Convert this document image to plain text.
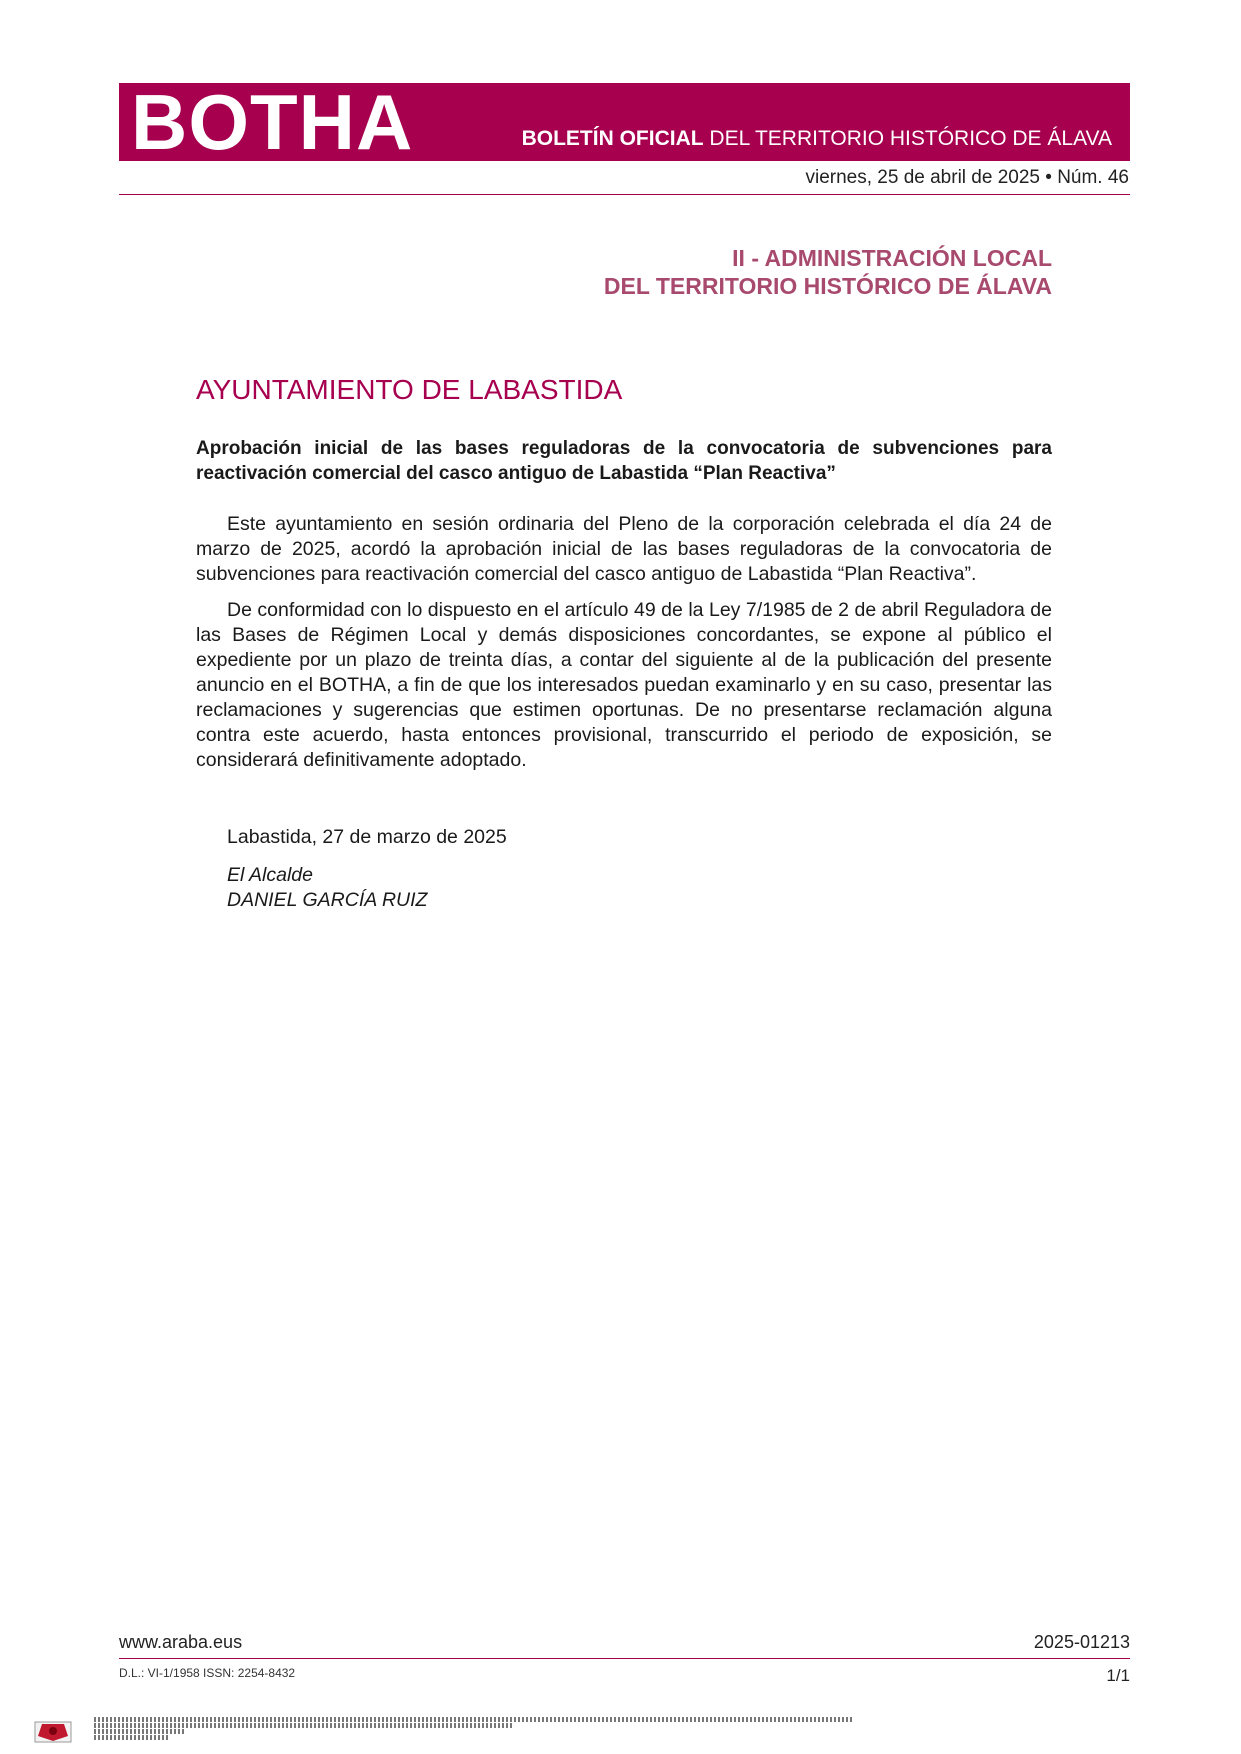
BOTHA	BOLETÍN OFICIAL DEL TERRITORIO HISTÓRICO DE ÁLAVA
viernes, 25 de abril de 2025 • Núm. 46
II - ADMINISTRACIÓN LOCAL
DEL TERRITORIO HISTÓRICO DE ÁLAVA
AYUNTAMIENTO DE LABASTIDA
Aprobación inicial de las bases reguladoras de la convocatoria de subvenciones para reactivación comercial del casco antiguo de Labastida “Plan Reactiva”

Este ayuntamiento en sesión ordinaria del Pleno de la corporación celebrada el día 24 de marzo de 2025, acordó la aprobación inicial de las bases reguladoras de la convocatoria de subvenciones para reactivación comercial del casco antiguo de Labastida “Plan Reactiva”.

De conformidad con lo dispuesto en el artículo 49 de la Ley 7/1985 de 2 de abril Reguladora de las Bases de Régimen Local y demás disposiciones concordantes, se expone al público el expediente por un plazo de treinta días, a contar del siguiente al de la publicación del presente anuncio en el BOTHA, a fin de que los interesados puedan examinarlo y en su caso, presentar las reclamaciones y sugerencias que estimen oportunas. De no presentarse reclamación alguna contra este acuerdo, hasta entonces provisional, transcurrido el periodo de exposición, se considerará definitivamente adoptado.

Labastida, 27 de marzo de 2025
El Alcalde
DANIEL GARCÍA RUIZ
www.araba.eus	2025-01213
D.L.: VI-1/1958 ISSN: 2254-8432	1/1
